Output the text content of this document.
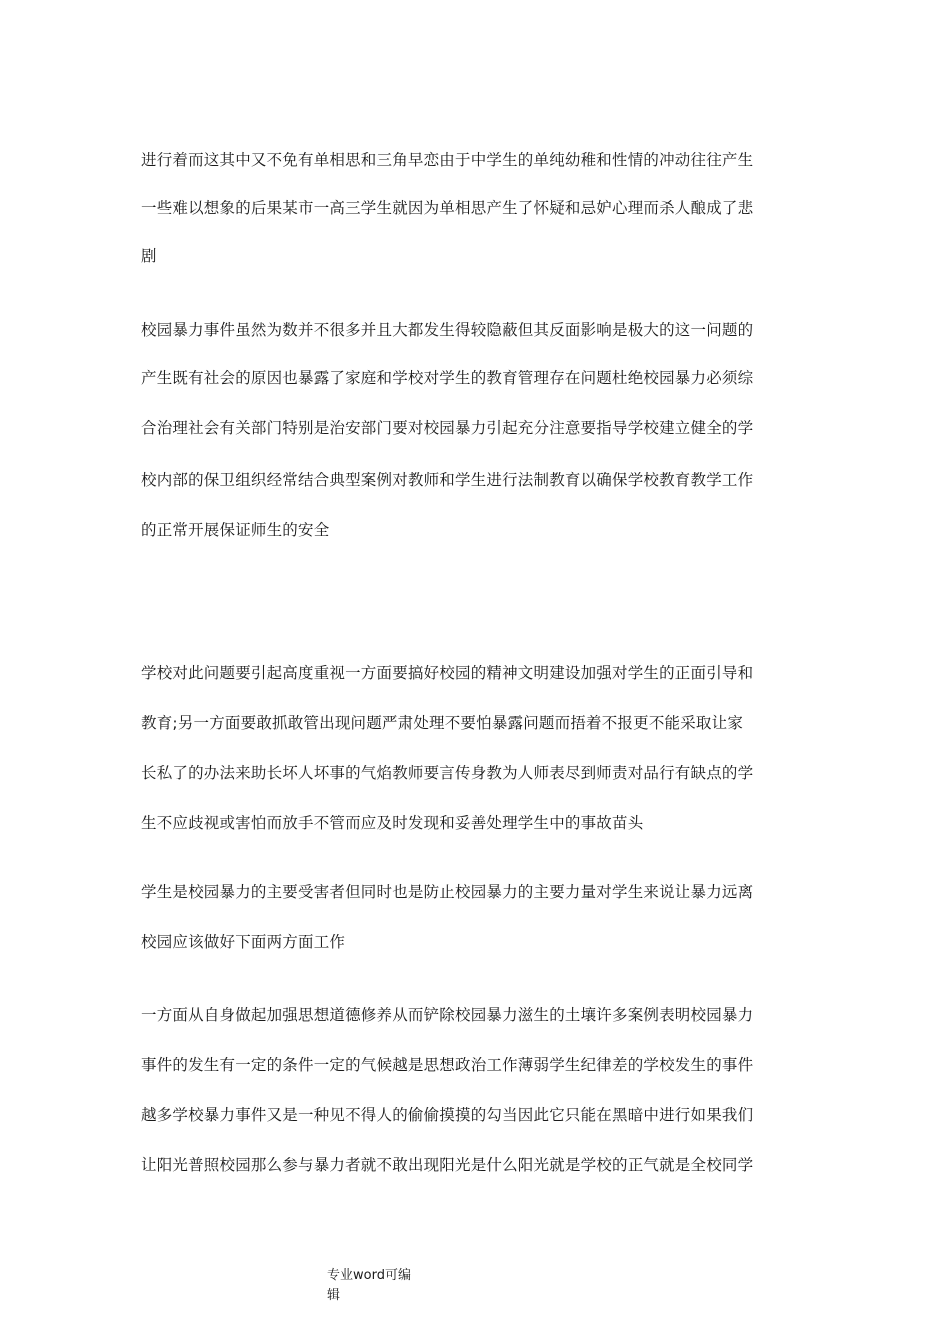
进行着而这其中又不免有单相思和三角早恋由于中学生的单纯幼稚和性情的冲动往往产生
一些难以想象的后果某市一高三学生就因为单相思产生了怀疑和忌妒心理而杀人酿成了悲
剧
校园暴力事件虽然为数并不很多并且大都发生得较隐蔽但其反面影响是极大的这一问题的
产生既有社会的原因也暴露了家庭和学校对学生的教育管理存在问题杜绝校园暴力必须综
合治理社会有关部门特别是治安部门要对校园暴力引起充分注意要指导学校建立健全的学
校内部的保卫组织经常结合典型案例对教师和学生进行法制教育以确保学校教育教学工作
的正常开展保证师生的安全
学校对此问题要引起高度重视一方面要搞好校园的精神文明建设加强对学生的正面引导和
教育;另一方面要敢抓敢管出现问题严肃处理不要怕暴露问题而捂着不报更不能采取让家
长私了的办法来助长坏人坏事的气焰教师要言传身教为人师表尽到师责对品行有缺点的学
生不应歧视或害怕而放手不管而应及时发现和妥善处理学生中的事故苗头
学生是校园暴力的主要受害者但同时也是防止校园暴力的主要力量对学生来说让暴力远离
校园应该做好下面两方面工作
一方面从自身做起加强思想道德修养从而铲除校园暴力滋生的土壤许多案例表明校园暴力
事件的发生有一定的条件一定的气候越是思想政治工作薄弱学生纪律差的学校发生的事件
越多学校暴力事件又是一种见不得人的偷偷摸摸的勾当因此它只能在黑暗中进行如果我们
让阳光普照校园那么参与暴力者就不敢出现阳光是什么阳光就是学校的正气就是全校同学
专业word可编
辑
